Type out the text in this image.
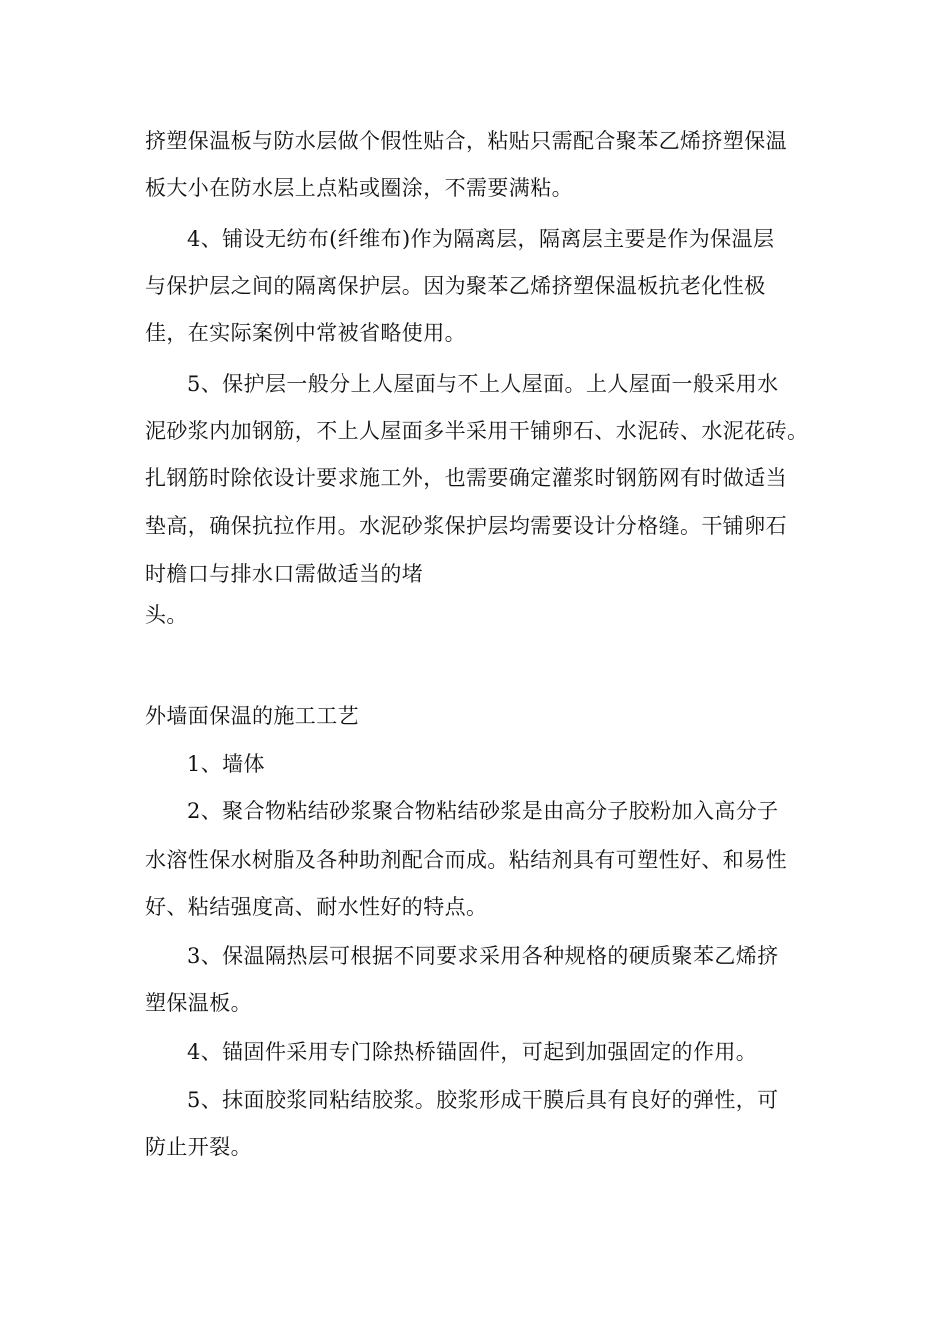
挤塑保温板与防水层做个假性贴合，粘贴只需配合聚苯乙烯挤塑保温
板大小在防水层上点粘或圈涂，不需要满粘。
4、铺设无纺布(纤维布)作为隔离层，隔离层主要是作为保温层
与保护层之间的隔离保护层。因为聚苯乙烯挤塑保温板抗老化性极
佳，在实际案例中常被省略使用。
5、保护层一般分上人屋面与不上人屋面。上人屋面一般采用水
泥砂浆内加钢筋，不上人屋面多半采用干铺卵石、水泥砖、水泥花砖。
扎钢筋时除依设计要求施工外，也需要确定灌浆时钢筋网有时做适当
垫高，确保抗拉作用。水泥砂浆保护层均需要设计分格缝。干铺卵石
时檐口与排水口需做适当的堵
头。
外墙面保温的施工工艺
1、墙体
2、聚合物粘结砂浆聚合物粘结砂浆是由高分子胶粉加入高分子
水溶性保水树脂及各种助剂配合而成。粘结剂具有可塑性好、和易性
好、粘结强度高、耐水性好的特点。
3、保温隔热层可根据不同要求采用各种规格的硬质聚苯乙烯挤
塑保温板。
4、锚固件采用专门除热桥锚固件，可起到加强固定的作用。
5、抹面胶浆同粘结胶浆。胶浆形成干膜后具有良好的弹性，可
防止开裂。
